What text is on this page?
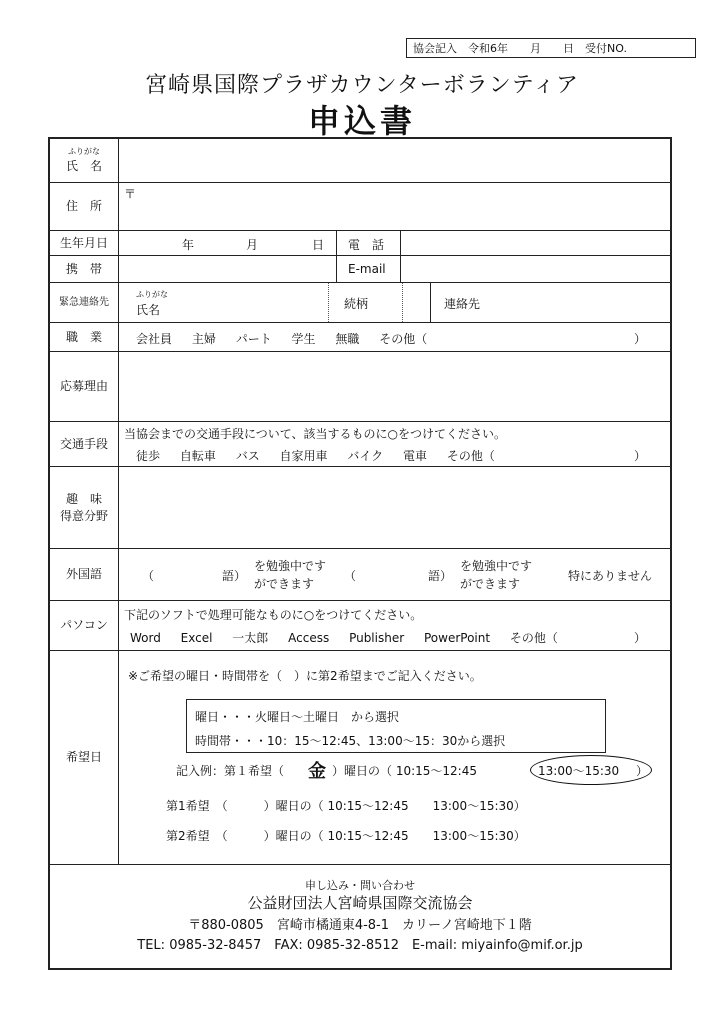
協会記入　令和6年　　月　　日　受付NO.
宮崎県国際プラザカウンターボランティア
申込書
ふりがな
氏　名
住　所
〒
生年月日	年	月	日 電　話
携　帯	E-mail
緊急連絡先
ふりがな
氏名	続柄	連絡先
職　業	会社員 主婦 パート 学生 無職 その他（	）
応募理由
交通手段
当協会までの交通手段について、該当するものに○をつけてください。
徒歩 自転車 バス 自家用車 バイク 電車 その他（	）
趣　味
得意分野
外国語	（	語）
を勉強中です
ができます
（	語）
を勉強中です
ができます
特にありません
パソコン
下記のソフトで処理可能なものに○をつけてください。
Word Excel 一太郎 Access Publisher PowerPoint その他（	）
希望日
※ご希望の曜日・時間帯を（　）に第2希望までご記入ください。
曜日・・・火曜日〜土曜日　から選択
時間帯・・・10：15〜12:45、13:00〜15：30から選択
記入例：第１希望（ 金 ）曜日の（ 10:15〜12:45	13:00〜15:30 ）
第1希望　（　　　）曜日の（ 10:15〜12:45　　13:00〜15:30）
第2希望　（　　　）曜日の（ 10:15〜12:45　　13:00〜15:30）
申し込み・問い合わせ
公益財団法人宮崎県国際交流協会
〒880-0805　宮崎市橘通東4-8-1　カリーノ宮崎地下１階
TEL: 0985-32-8457　FAX: 0985-32-8512　E-mail: miyainfo@mif.or.jp
